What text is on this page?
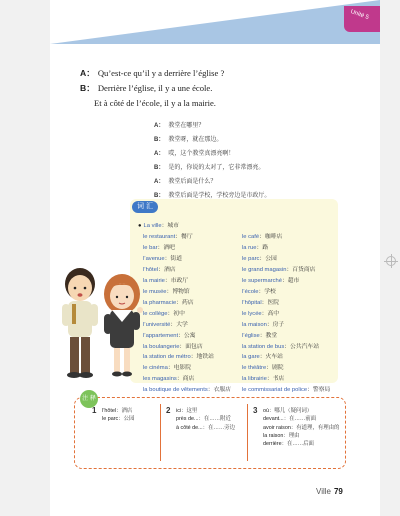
Unité 5
A： Qu’est-ce qu’il y a derrière l’église ?
B： Derrière l’église, il y a une école.
Et à côté de l’école, il y a la mairie.
A： 教堂在哪里？
B： 教堂呀，就在那边。
A： 哎，这个教堂真漂亮啊！
B： 是的，你说的太对了，它非常漂亮。
A： 教堂后面是什么？
B： 教堂后面是学校，学校旁边是市政厅。
词 汇
● La ville：城市
le restaurant：餐厅
le bar：酒吧
l’avenue：街道
l’hôtel：酒店
la mairie：市政厅
le musée：博物馆
la pharmacie：药店
le collège：初中
l’université：大学
l’appartement：公寓
la boulangerie：面包店
la station de métro：地铁站
le cinéma：电影院
les magasins：商店
la boutique de vêtements：衣服店
le café：咖啡店
la rue：路
le parc：公园
le grand magasin：百货商店
le supermarché：超市
l’école：学校
l’hôpital：医院
le lycée：高中
la maison：房子
l’église：教堂
la station de bus：公共汽车站
la gare：火车站
le théâtre：剧院
la librairie：书店
le commissariat de police：警察局
注 释
1 l’hôtel：酒店
le parc：公园
2 ici：这里
près de...：在……附近
à côté de...：在……旁边
3 où：哪儿（疑问词）
devant...：在……前面
avoir raison：有道理，有理由的
la raison：理由
derrière：在……后面
Ville 79
